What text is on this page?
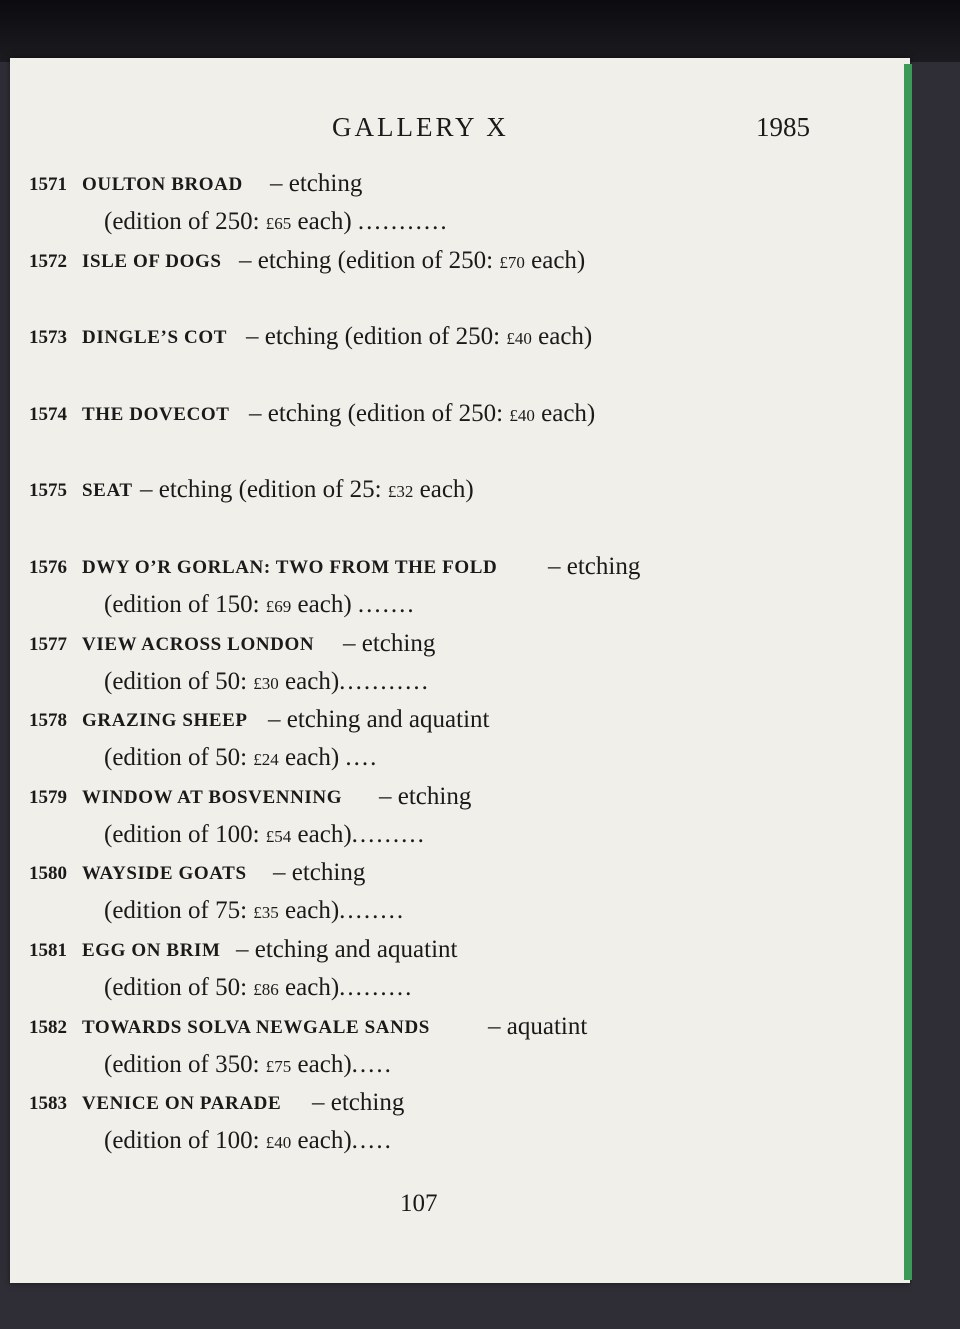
GALLERY X	1985
1571 OULTON BROAD – etching
(edition of 250: £65 each) ...........
1572 ISLE OF DOGS – etching (edition of 250: £70 each)
1573 DINGLE’S COT – etching (edition of 250: £40 each)
1574 THE DOVECOT – etching (edition of 250: £40 each)
1575 SEAT – etching (edition of 25: £32 each)
1576 DWY O’R GORLAN: TWO FROM THE FOLD – etching
(edition of 150: £69 each) .......
1577 VIEW ACROSS LONDON – etching
(edition of 50: £30 each)...........
1578 GRAZING SHEEP – etching and aquatint
(edition of 50: £24 each) ....
1579 WINDOW AT BOSVENNING – etching
(edition of 100: £54 each).........
1580 WAYSIDE GOATS – etching
(edition of 75: £35 each)........
1581 EGG ON BRIM – etching and aquatint
(edition of 50: £86 each).........
1582 TOWARDS SOLVA NEWGALE SANDS – aquatint
(edition of 350: £75 each).....
1583 VENICE ON PARADE – etching
(edition of 100: £40 each).....
107
